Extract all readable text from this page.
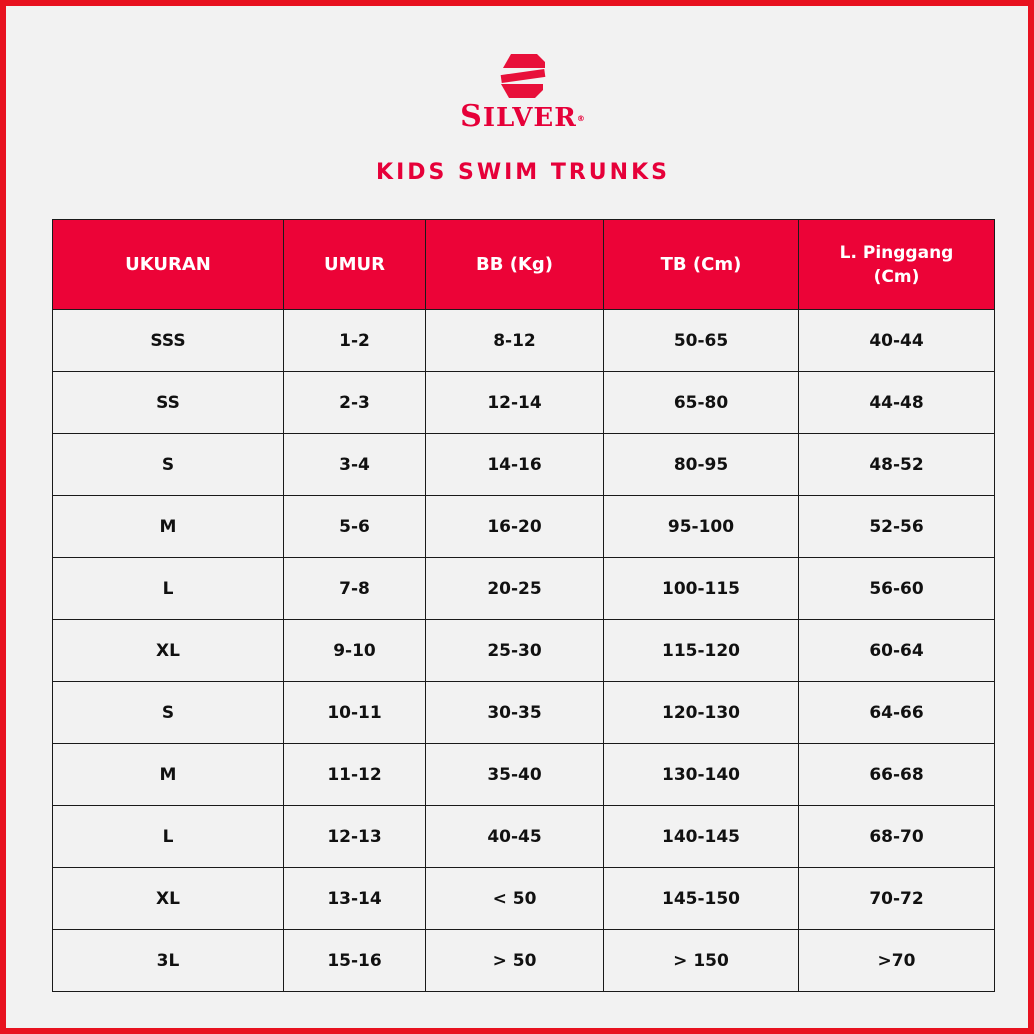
SILVER®
KIDS SWIM TRUNKS
UKURAN	UMUR	BB (Kg)	TB (Cm)	L. Pinggang
(Cm)
SSS	1-2	8-12	50-65	40-44
SS	2-3	12-14	65-80	44-48
S	3-4	14-16	80-95	48-52
M	5-6	16-20	95-100	52-56
L	7-8	20-25	100-115	56-60
XL	9-10	25-30	115-120	60-64
S	10-11	30-35	120-130	64-66
M	11-12	35-40	130-140	66-68
L	12-13	40-45	140-145	68-70
XL	13-14	< 50	145-150	70-72
3L	15-16	> 50	> 150	>70
